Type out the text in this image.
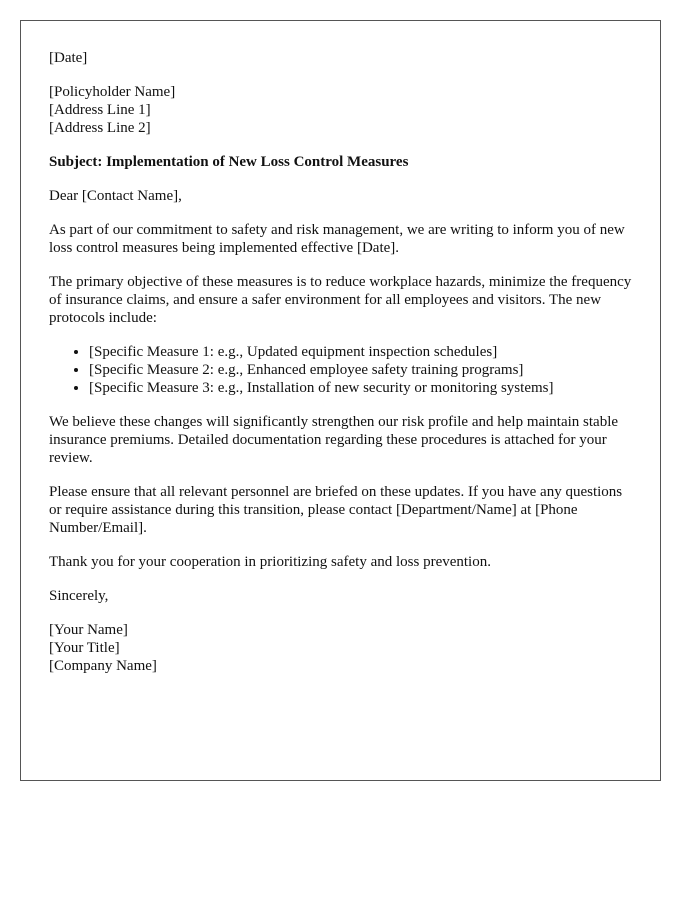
[Date]

[Policyholder Name]
[Address Line 1]
[Address Line 2]

Subject: Implementation of New Loss Control Measures

Dear [Contact Name],

As part of our commitment to safety and risk management, we are writing to inform you of new loss control measures being implemented effective [Date].

The primary objective of these measures is to reduce workplace hazards, minimize the frequency of insurance claims, and ensure a safer environment for all employees and visitors. The new protocols include:

• [Specific Measure 1: e.g., Updated equipment inspection schedules]
• [Specific Measure 2: e.g., Enhanced employee safety training programs]
• [Specific Measure 3: e.g., Installation of new security or monitoring systems]

We believe these changes will significantly strengthen our risk profile and help maintain stable insurance premiums. Detailed documentation regarding these procedures is attached for your review.

Please ensure that all relevant personnel are briefed on these updates. If you have any questions or require assistance during this transition, please contact [Department/Name] at [Phone Number/Email].

Thank you for your cooperation in prioritizing safety and loss prevention.

Sincerely,

[Your Name]
[Your Title]
[Company Name]
